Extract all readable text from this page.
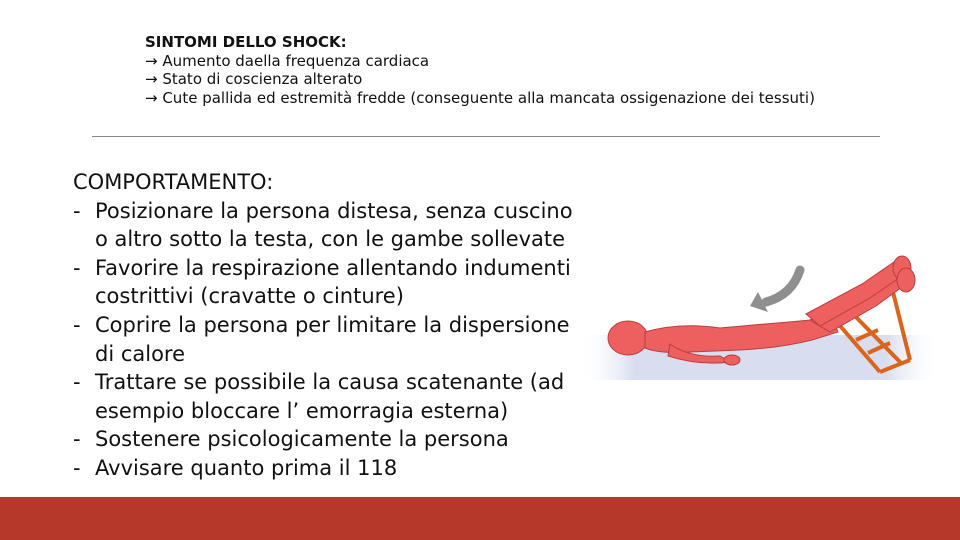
SINTOMI DELLO SHOCK:
→ Aumento daella frequenza cardiaca
→ Stato di coscienza alterato
→ Cute pallida ed estremità fredde (conseguente alla mancata ossigenazione dei tessuti)
COMPORTAMENTO:
- Posizionare la persona distesa, senza cuscino o altro sotto la testa, con le gambe sollevate
- Favorire la respirazione allentando indumenti costrittivi (cravatte o cinture)
- Coprire la persona per limitare la dispersione di calore
- Trattare se possibile la causa scatenante (ad esempio bloccare l’ emorragia esterna)
- Sostenere psicologicamente la persona
- Avvisare quanto prima il 118
